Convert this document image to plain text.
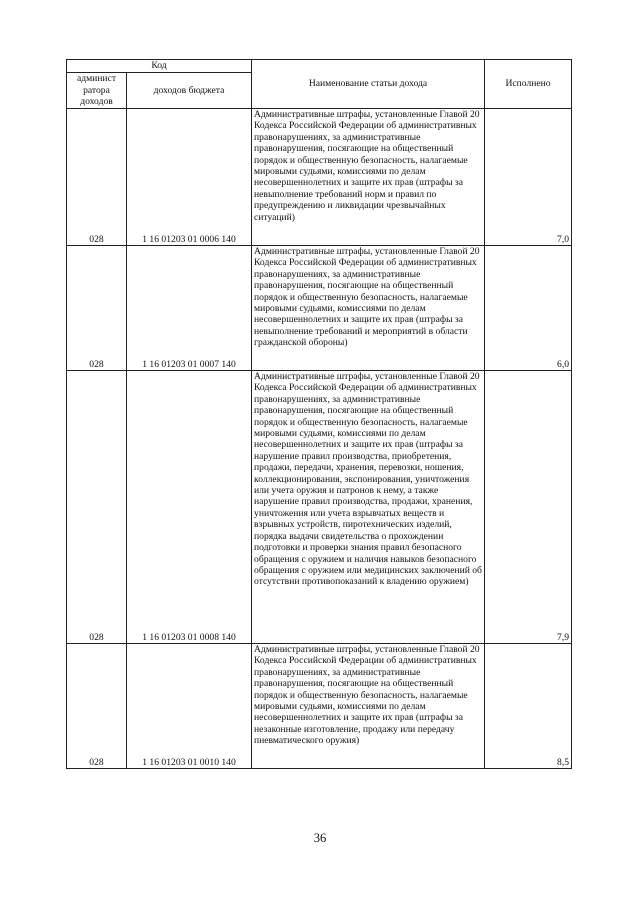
Код		Наименование статьи дохода	Исполнено
админист ратора доходов	доходов бюджета		
028	1 16 01203 01 0006 140	Административные штрафы, установленные Главой 20 Кодекса Российской Федерации об административных правонарушениях, за административные правонарушения, посягающие на общественный порядок и общественную безопасность, налагаемые мировыми судьями, комиссиями по делам несовершеннолетних и защите их прав (штрафы за невыполнение требований норм и правил по предупреждению и ликвидации чрезвычайных ситуаций)	7,0
028	1 16 01203 01 0007 140	Административные штрафы, установленные Главой 20 Кодекса Российской Федерации об административных правонарушениях, за административные правонарушения, посягающие на общественный порядок и общественную безопасность, налагаемые мировыми судьями, комиссиями по делам несовершеннолетних и защите их прав (штрафы за невыполнение требований и мероприятий в области гражданской обороны)	6,0
028	1 16 01203 01 0008 140	Административные штрафы, установленные Главой 20 Кодекса Российской Федерации об административных правонарушениях, за административные правонарушения, посягающие на общественный порядок и общественную безопасность, налагаемые мировыми судьями, комиссиями по делам несовершеннолетних и защите их прав (штрафы за нарушение правил производства, приобретения, продажи, передачи, хранения, перевозки, ношения, коллекционирования, экспонирования, уничтожения или учета оружия и патронов к нему, а также нарушение правил производства, продажи, хранения, уничтожения или учета взрывчатых веществ и взрывных устройств, пиротехнических изделий, порядка выдачи свидетельства о прохождении подготовки и проверки знания правил безопасного обращения с оружием и наличия навыков безопасного обращения с оружием или медицинских заключений об отсутствии противопоказаний к владению оружием)	7,9
028	1 16 01203 01 0010 140	Административные штрафы, установленные Главой 20 Кодекса Российской Федерации об административных правонарушениях, за административные правонарушения, посягающие на общественный порядок и общественную безопасность, налагаемые мировыми судьями, комиссиями по делам несовершеннолетних и защите их прав (штрафы за незаконные изготовление, продажу или передачу пневматического оружия)	8,5
36
